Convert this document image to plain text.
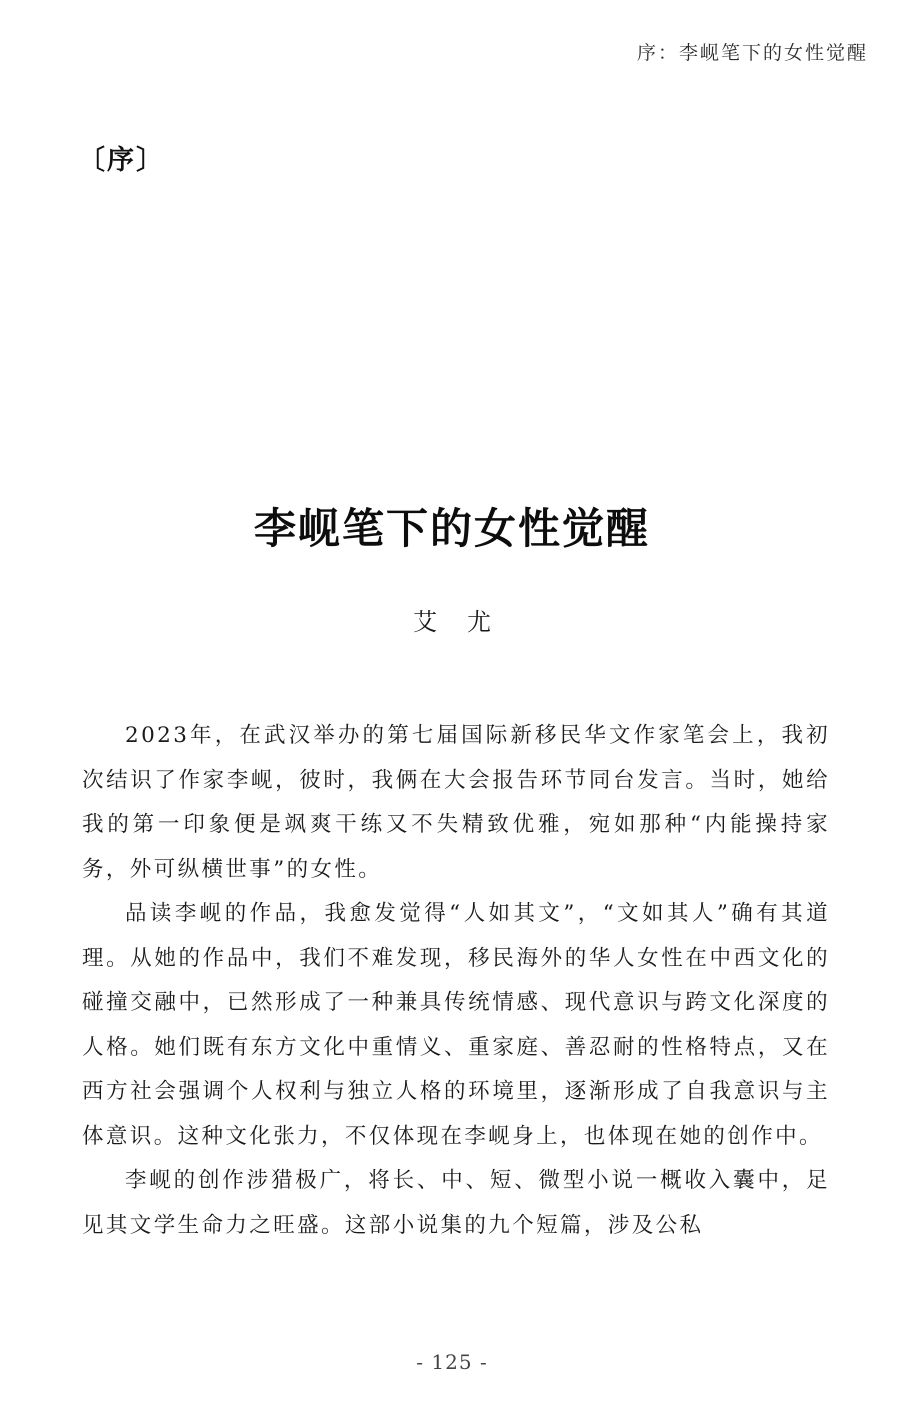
序：李岘笔下的女性觉醒
〔序〕
李岘笔下的女性觉醒
艾尤

2023年，在武汉举办的第七届国际新移民华文作家笔会上，我初次结识了作家李岘，彼时，我俩在大会报告环节同台发言。当时，她给我的第一印象便是飒爽干练又不失精致优雅，宛如那种“内能操持家务，外可纵横世事”的女性。

品读李岘的作品，我愈发觉得“人如其文”，“文如其人”确有其道理。从她的作品中，我们不难发现，移民海外的华人女性在中西文化的碰撞交融中，已然形成了一种兼具传统情感、现代意识与跨文化深度的人格。她们既有东方文化中重情义、重家庭、善忍耐的性格特点，又在西方社会强调个人权利与独立人格的环境里，逐渐形成了自我意识与主体意识。这种文化张力，不仅体现在李岘身上，也体现在她的创作中。

李岘的创作涉猎极广，将长、中、短、微型小说一概收入囊中，足见其文学生命力之旺盛。这部小说集的九个短篇，涉及公私

- 125 -
